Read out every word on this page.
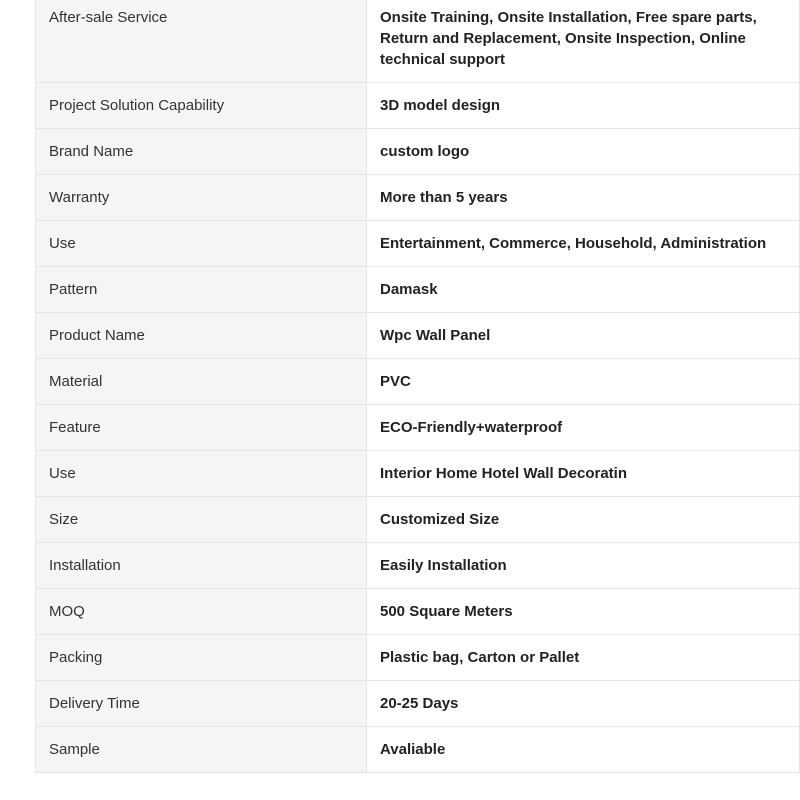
After-sale Service	Onsite Training, Onsite Installation, Free spare parts, Return and Replacement, Onsite Inspection, Online technical support
Project Solution Capability	3D model design
Brand Name	custom logo
Warranty	More than 5 years
Use	Entertainment, Commerce, Household, Administration
Pattern	Damask
Product Name	Wpc Wall Panel
Material	PVC
Feature	ECO-Friendly+waterproof
Use	Interior Home Hotel Wall Decoratin
Size	Customized Size
Installation	Easily Installation
MOQ	500 Square Meters
Packing	Plastic bag, Carton or Pallet
Delivery Time	20-25 Days
Sample	Avaliable
